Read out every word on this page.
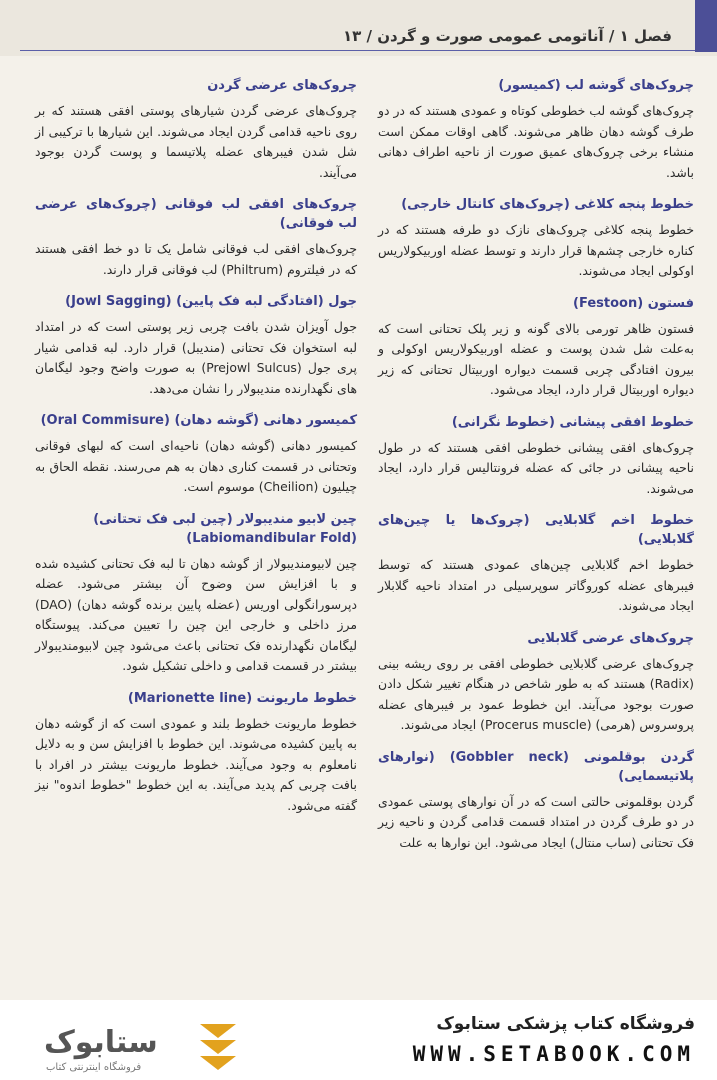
فصل ۱ / آناتومی عمومی صورت و گردن / ۱۳
چروک‌های گوشه لب (کمیسور)

چروک‌های گوشه لب خطوطی کوتاه و عمودی هستند که در دو طرف گوشه دهان ظاهر می‌شوند. گاهی اوقات ممکن است منشاء برخی چروک‌های عمیق صورت از ناحیه اطراف دهانی باشد.

خطوط پنجه کلاغی (چروک‌های کانتال خارجی)

خطوط پنجه کلاغی چروک‌های نازک دو طرفه هستند که در کناره خارجی چشم‌ها قرار دارند و توسط عضله اوربیکولاریس اوکولی ایجاد می‌شوند.

فستون (Festoon)

فستون ظاهر تورمی بالای گونه و زیر پلک تحتانی است که به‌علت شل شدن پوست و عضله اوربیکولاریس اوکولی و بیرون افتادگی چربی قسمت دیواره اوربیتال تحتانی که زیر دیواره اوربیتال قرار دارد، ایجاد می‌شود.

خطوط افقی پیشانی (خطوط نگرانی)

چروک‌های افقی پیشانی خطوطی افقی هستند که در طول ناحیه پیشانی در جائی که عضله فرونتالیس قرار دارد، ایجاد می‌شوند.

خطوط اخم گلابلایی (چروک‌ها یا چین‌های گلابلایی)

خطوط اخم گلابلایی چین‌های عمودی هستند که توسط فیبرهای عضله کوروگاتر سوپرسیلی در امتداد ناحیه گلابلار ایجاد می‌شوند.

چروک‌های عرضی گلابلایی

چروک‌های عرضی گلابلایی خطوطی افقی بر روی ریشه بینی (Radix) هستند که به طور شاخص در هنگام تغییر شکل دادن صورت بوجود می‌آیند. این خطوط عمود بر فیبرهای عضله پروسروس (هرمی) (Procerus muscle) ایجاد می‌شوند.

گردن بوقلمونی (Gobbler neck) (نوارهای پلاتیسمایی)

گردن بوقلمونی حالتی است که در آن نوارهای پوستی عمودی در دو طرف گردن در امتداد قسمت قدامی گردن و ناحیه زیر فک تحتانی (ساب منتال) ایجاد می‌شود. این نوارها به علت

چروک‌های عرضی گردن

چروک‌های عرضی گردن شیارهای پوستی افقی هستند که بر روی ناحیه قدامی گردن ایجاد می‌شوند. این شیارها با ترکیبی از شل شدن فیبرهای عضله پلاتیسما و پوست گردن بوجود می‌آیند.

چروک‌های افقی لب فوقانی (چروک‌های عرضی لب فوقانی)

چروک‌های افقی لب فوقانی شامل یک تا دو خط افقی هستند که در فیلتروم (Philtrum) لب فوقانی قرار دارند.

جول (افتادگی لبه فک پایین) (Jowl Sagging)

جول آویزان شدن بافت چربی زیر پوستی است که در امتداد لبه استخوان فک تحتانی (مندیبل) قرار دارد. لبه قدامی شیار پری جول (Prejowl Sulcus) به صورت واضح وجود لیگامان های نگهدارنده مندیبولار را نشان می‌دهد.

کمیسور دهانی (گوشه دهان) (Oral Commisure)

کمیسور دهانی (گوشه دهان) ناحیه‌ای است که لبهای فوقانی وتحتانی در قسمت کناری دهان به هم می‌رسند. نقطه الحاق به چیلیون (Cheilion) موسوم است.

چین لابیو مندیبولار (چین لبی فک تحتانی)
(Labiomandibular Fold)

چین لابیومندیبولار از گوشه دهان تا لبه فک تحتانی کشیده شده و با افزایش سن وضوح آن بیشتر می‌شود. عضله دپرسورانگولی اوریس (عضله پایین برنده گوشه دهان) (DAO) مرز داخلی و خارجی این چین را تعیین می‌کند. پیوستگاه لیگامان نگهدارنده فک تحتانی باعث می‌شود چین لابیومندیبولار بیشتر در قسمت قدامی و داخلی تشکیل شود.

خطوط ماریونت (Marionette line)

خطوط ماریونت خطوط بلند و عمودی است که از گوشه دهان به پایین کشیده می‌شوند. این خطوط با افزایش سن و به دلایل نامعلوم به وجود می‌آیند. خطوط ماریونت بیشتر در افراد با بافت چربی کم پدید می‌آیند. به این خطوط "خطوط اندوه" نیز گفته می‌شود.

ستابوک
فروشگاه اینترنتی کتاب
فروشگاه کتاب پزشکی ستابوک
WWW.SETABOOK.COM
